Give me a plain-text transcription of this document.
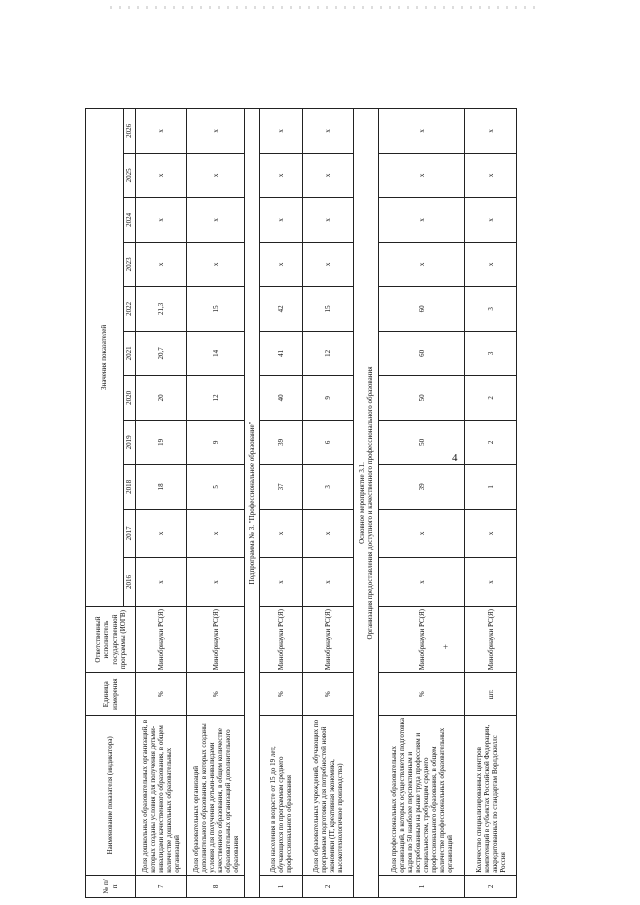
4
+
№ п/п	Наименование показателя (индикатора)	Единица измерения	Ответственный исполнитель государственной программы (ИОГВ)	Значения показателей										
				2016	2017	2018	2019	2020	2021	2022	2023	2024	2025	2026
7	Доля дошкольных образовательных организаций, в которых созданы условия для получения детьми-инвалидами качественного образования, в общем количестве дошкольных образовательных организаций	%	Минобрнауки РС(Я)	x	x	18	19	20	20,7	21,3	x	x	x	x
8	Доля образовательных организаций дополнительного образования, в которых созданы условия для получения детьми-инвалидами качественного образования, в общем количестве образовательных организаций дополнительного образования	%	Минобрнауки РС(Я)	x	x	5	9	12	14	15	x	x	x	x
Подпрограмма № 3. "Профессиональное образование"														
1	Доля населения в возрасте от 15 до 19 лет, обучающихся по программам среднего профессионального образования	%	Минобрнауки РС(Я)	x	x	37	39	40	41	42	x	x	x	x
2	Доля образовательных учреждений, обучающих по программам подготовки для потребностей новой экономики (IT, креативная экономика, высокотехнологичное производства)	%	Минобрнауки РС(Я)	x	x	3	6	9	12	15	x	x	x	x
Основное мероприятие 3.1.
Организация предоставления доступного и качественного профессионального образования														
1	Доля профессиональных образовательных организаций, в которых осуществляется подготовка кадров по 50 наиболее перспективным и востребованным на рынке труда профессиям и специальностям, требующим среднего профессионального образования, в общем количестве профессиональных образовательных организаций	%	Минобрнауки РС(Я)	x	x	39	50	50	60	60	x	x	x	x
2	Количество специализированных центров компетенций в субъектах Российской Федерации, аккредитованных по стандартам Ворлдскиллс Россия	шт.	Минобрнауки РС(Я)	x	x	1	2	2	3	3	x	x	x	x
